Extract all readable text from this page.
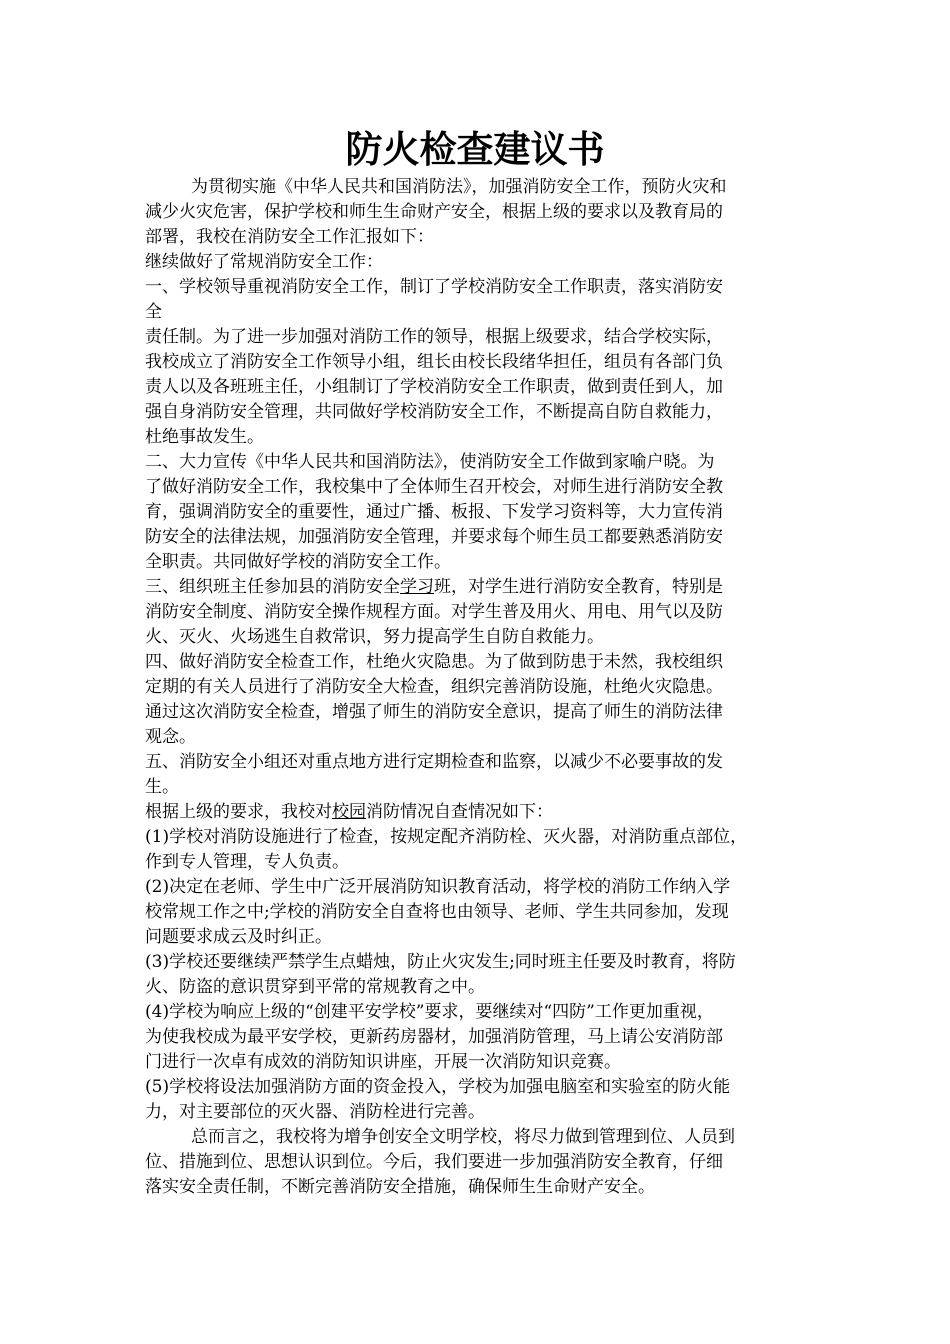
防火检查建议书
为贯彻实施《中华人民共和国消防法》，加强消防安全工作，预防火灾和
减少火灾危害，保护学校和师生生命财产安全，根据上级的要求以及教育局的
部署，我校在消防安全工作汇报如下：
继续做好了常规消防安全工作：
一、学校领导重视消防安全工作，制订了学校消防安全工作职责，落实消防安
全
责任制。为了进一步加强对消防工作的领导，根据上级要求，结合学校实际，
我校成立了消防安全工作领导小组，组长由校长段绪华担任，组员有各部门负
责人以及各班班主任，小组制订了学校消防安全工作职责，做到责任到人，加
强自身消防安全管理，共同做好学校消防安全工作，不断提高自防自救能力，
杜绝事故发生。
二、大力宣传《中华人民共和国消防法》，使消防安全工作做到家喻户晓。为
了做好消防安全工作，我校集中了全体师生召开校会，对师生进行消防安全教
育，强调消防安全的重要性，通过广播、板报、下发学习资料等，大力宣传消
防安全的法律法规，加强消防安全管理，并要求每个师生员工都要熟悉消防安
全职责。共同做好学校的消防安全工作。
三、组织班主任参加县的消防安全学习班，对学生进行消防安全教育，特别是
消防安全制度、消防安全操作规程方面。对学生普及用火、用电、用气以及防
火、灭火、火场逃生自救常识，努力提高学生自防自救能力。
四、做好消防安全检查工作，杜绝火灾隐患。为了做到防患于未然，我校组织
定期的有关人员进行了消防安全大检查，组织完善消防设施，杜绝火灾隐患。
通过这次消防安全检查，增强了师生的消防安全意识，提高了师生的消防法律
观念。
五、消防安全小组还对重点地方进行定期检查和监察，以减少不必要事故的发
生。
根据上级的要求，我校对校园消防情况自查情况如下：
(1)学校对消防设施进行了检查，按规定配齐消防栓、灭火器，对消防重点部位，
作到专人管理，专人负责。
(2)决定在老师、学生中广泛开展消防知识教育活动，将学校的消防工作纳入学
校常规工作之中;学校的消防安全自查将也由领导、老师、学生共同参加，发现
问题要求成云及时纠正。
(3)学校还要继续严禁学生点蜡烛，防止火灾发生;同时班主任要及时教育，将防
火、防盗的意识贯穿到平常的常规教育之中。
(4)学校为响应上级的“创建平安学校”要求，要继续对“四防”工作更加重视，
为使我校成为最平安学校，更新药房器材，加强消防管理，马上请公安消防部
门进行一次卓有成效的消防知识讲座，开展一次消防知识竞赛。
(5)学校将设法加强消防方面的资金投入，学校为加强电脑室和实验室的防火能
力，对主要部位的灭火器、消防栓进行完善。
总而言之，我校将为增争创安全文明学校，将尽力做到管理到位、人员到
位、措施到位、思想认识到位。今后，我们要进一步加强消防安全教育，仔细
落实安全责任制，不断完善消防安全措施，确保师生生命财产安全。
